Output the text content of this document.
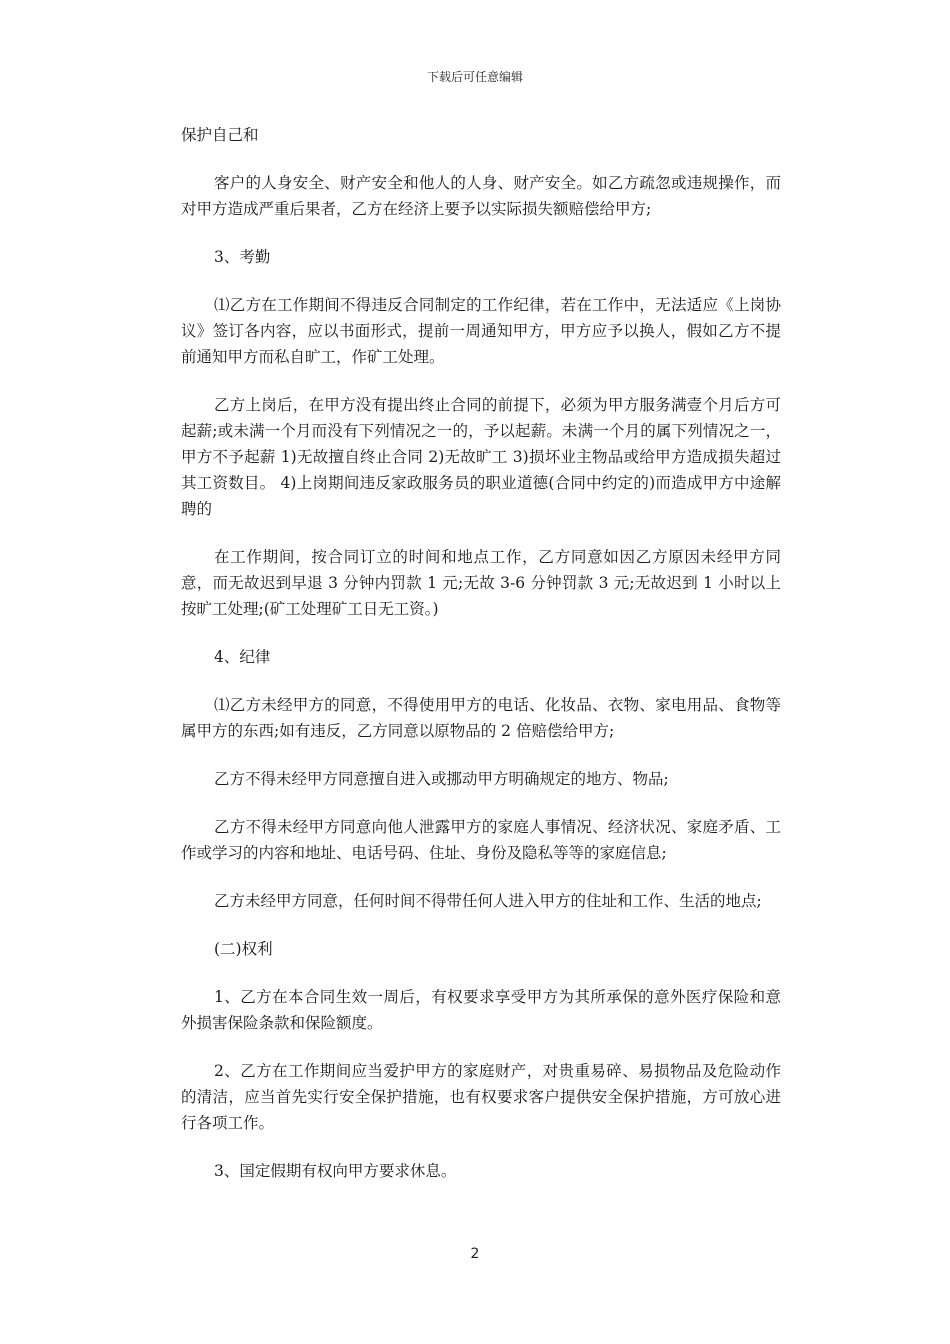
下载后可任意编辑

保护自己和

客户的人身安全、财产安全和他人的人身、财产安全。如乙方疏忽或违规操作，而对甲方造成严重后果者，乙方在经济上要予以实际损失额赔偿给甲方;

3、考勤

⑴乙方在工作期间不得违反合同制定的工作纪律，若在工作中，无法适应《上岗协议》签订各内容，应以书面形式，提前一周通知甲方，甲方应予以换人，假如乙方不提前通知甲方而私自旷工，作矿工处理。

乙方上岗后，在甲方没有提出终止合同的前提下，必须为甲方服务满壹个月后方可起薪;或未满一个月而没有下列情况之一的，予以起薪。未满一个月的属下列情况之一，甲方不予起薪 1)无故擅自终止合同 2)无故旷工 3)损坏业主物品或给甲方造成损失超过其工资数目。 4)上岗期间违反家政服务员的职业道德(合同中约定的)而造成甲方中途解聘的

在工作期间，按合同订立的时间和地点工作，乙方同意如因乙方原因未经甲方同意，而无故迟到早退 3 分钟内罚款 1 元;无故 3-6 分钟罚款 3 元;无故迟到 1 小时以上按旷工处理;(矿工处理矿工日无工资。)

4、纪律

⑴乙方未经甲方的同意，不得使用甲方的电话、化妆品、衣物、家电用品、食物等属甲方的东西;如有违反，乙方同意以原物品的 2 倍赔偿给甲方;

乙方不得未经甲方同意擅自进入或挪动甲方明确规定的地方、物品;

乙方不得未经甲方同意向他人泄露甲方的家庭人事情况、经济状况、家庭矛盾、工作或学习的内容和地址、电话号码、住址、身份及隐私等等的家庭信息;

乙方未经甲方同意，任何时间不得带任何人进入甲方的住址和工作、生活的地点;

(二)权利

1、乙方在本合同生效一周后，有权要求享受甲方为其所承保的意外医疗保险和意外损害保险条款和保险额度。

2、乙方在工作期间应当爱护甲方的家庭财产，对贵重易碎、易损物品及危险动作的清洁，应当首先实行安全保护措施，也有权要求客户提供安全保护措施，方可放心进行各项工作。

3、国定假期有权向甲方要求休息。

2
